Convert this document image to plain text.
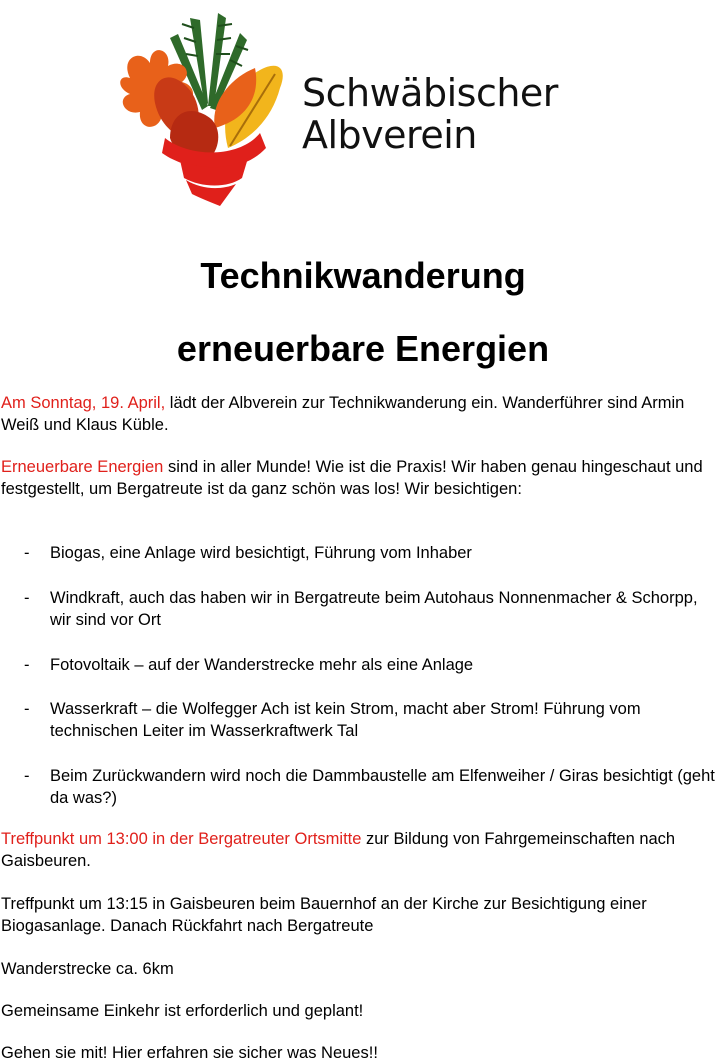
Schwäbischer
Albverein
Technikwanderung
erneuerbare Energien

Am Sonntag, 19. April, lädt der Albverein zur Technikwanderung ein. Wanderführer sind Armin Weiß und Klaus Küble.

Erneuerbare Energien sind in aller Munde! Wie ist die Praxis! Wir haben genau hingeschaut und festgestellt, um Bergatreute ist da ganz schön was los! Wir besichtigen:

-	Biogas, eine Anlage wird besichtigt, Führung vom Inhaber
-	Windkraft, auch das haben wir in Bergatreute beim Autohaus Nonnenmacher & Schorpp, wir sind vor Ort
-	Fotovoltaik – auf der Wanderstrecke mehr als eine Anlage
-	Wasserkraft – die Wolfegger Ach ist kein Strom, macht aber Strom! Führung vom technischen Leiter im Wasserkraftwerk Tal
-	Beim Zurückwandern wird noch die Dammbaustelle am Elfenweiher / Giras besichtigt (geht da was?)

Treffpunkt um 13:00 in der Bergatreuter Ortsmitte zur Bildung von Fahrgemeinschaften nach Gaisbeuren.

Treffpunkt um 13:15 in Gaisbeuren beim Bauernhof an der Kirche zur Besichtigung einer Biogasanlage. Danach Rückfahrt nach Bergatreute

Wanderstrecke ca. 6km

Gemeinsame Einkehr ist erforderlich und geplant!

Gehen sie mit! Hier erfahren sie sicher was Neues!!
